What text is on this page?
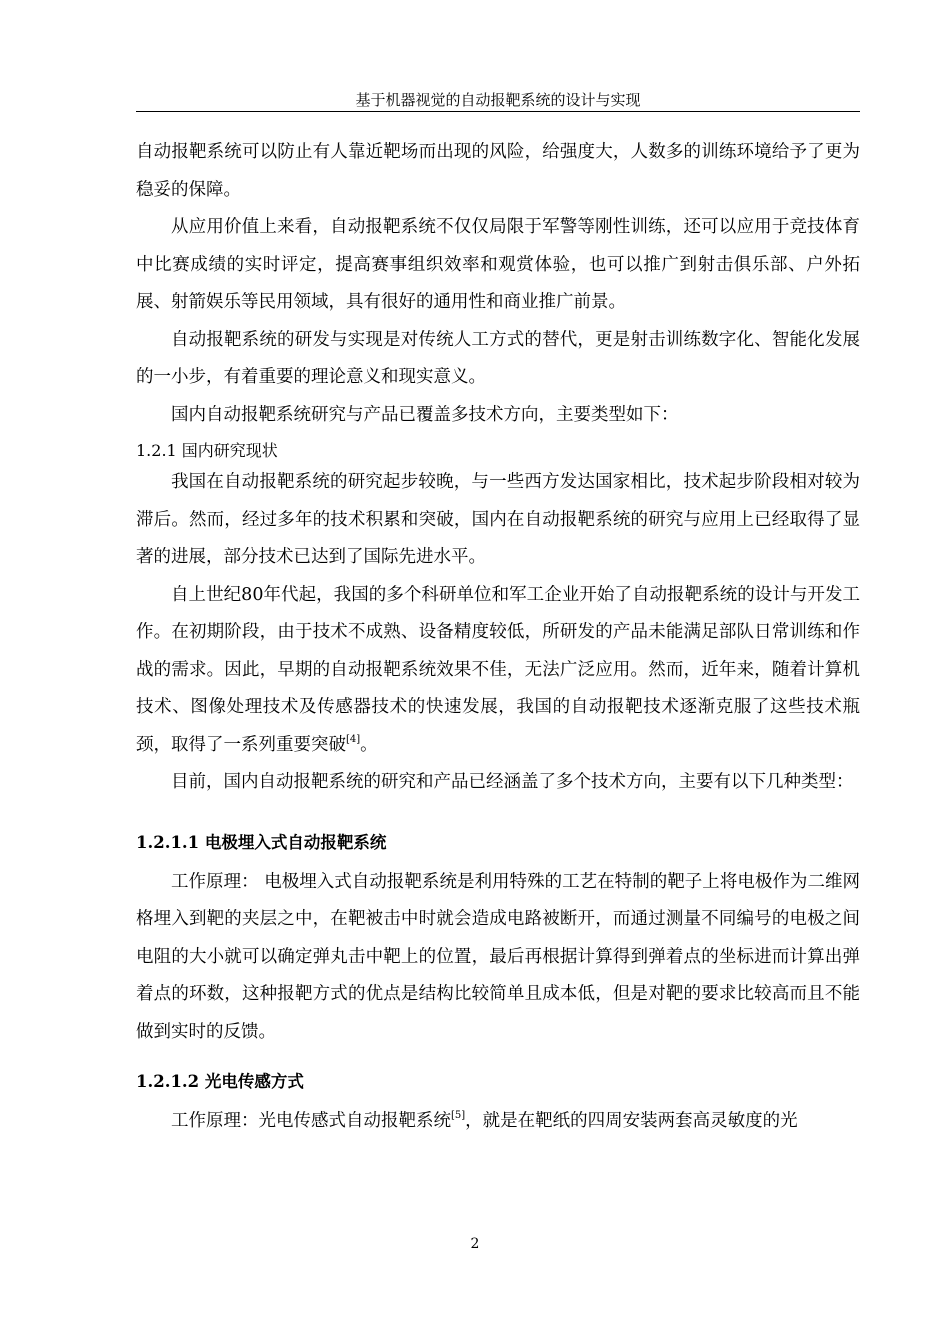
基于机器视觉的自动报靶系统的设计与实现

自动报靶系统可以防止有人靠近靶场而出现的风险，给强度大，人数多的训练环境给予了更为稳妥的保障。

从应用价值上来看，自动报靶系统不仅仅局限于军警等刚性训练，还可以应用于竞技体育中比赛成绩的实时评定，提高赛事组织效率和观赏体验，也可以推广到射击俱乐部、户外拓展、射箭娱乐等民用领域，具有很好的通用性和商业推广前景。

自动报靶系统的研发与实现是对传统人工方式的替代，更是射击训练数字化、智能化发展的一小步，有着重要的理论意义和现实意义。

国内自动报靶系统研究与产品已覆盖多技术方向，主要类型如下：

1.2.1 国内研究现状

我国在自动报靶系统的研究起步较晚，与一些西方发达国家相比，技术起步阶段相对较为滞后。然而，经过多年的技术积累和突破，国内在自动报靶系统的研究与应用上已经取得了显著的进展，部分技术已达到了国际先进水平。

自上世纪80年代起，我国的多个科研单位和军工企业开始了自动报靶系统的设计与开发工作。在初期阶段，由于技术不成熟、设备精度较低，所研发的产品未能满足部队日常训练和作战的需求。因此，早期的自动报靶系统效果不佳，无法广泛应用。然而，近年来，随着计算机技术、图像处理技术及传感器技术的快速发展，我国的自动报靶技术逐渐克服了这些技术瓶颈，取得了一系列重要突破[4]。

目前，国内自动报靶系统的研究和产品已经涵盖了多个技术方向，主要有以下几种类型：

1.2.1.1 电极埋入式自动报靶系统

工作原理： 电极埋入式自动报靶系统是利用特殊的工艺在特制的靶子上将电极作为二维网格埋入到靶的夹层之中，在靶被击中时就会造成电路被断开，而通过测量不同编号的电极之间电阻的大小就可以确定弹丸击中靶上的位置，最后再根据计算得到弹着点的坐标进而计算出弹着点的环数，这种报靶方式的优点是结构比较简单且成本低，但是对靶的要求比较高而且不能做到实时的反馈。

1.2.1.2 光电传感方式

工作原理：光电传感式自动报靶系统[5]，就是在靶纸的四周安装两套高灵敏度的光

2
